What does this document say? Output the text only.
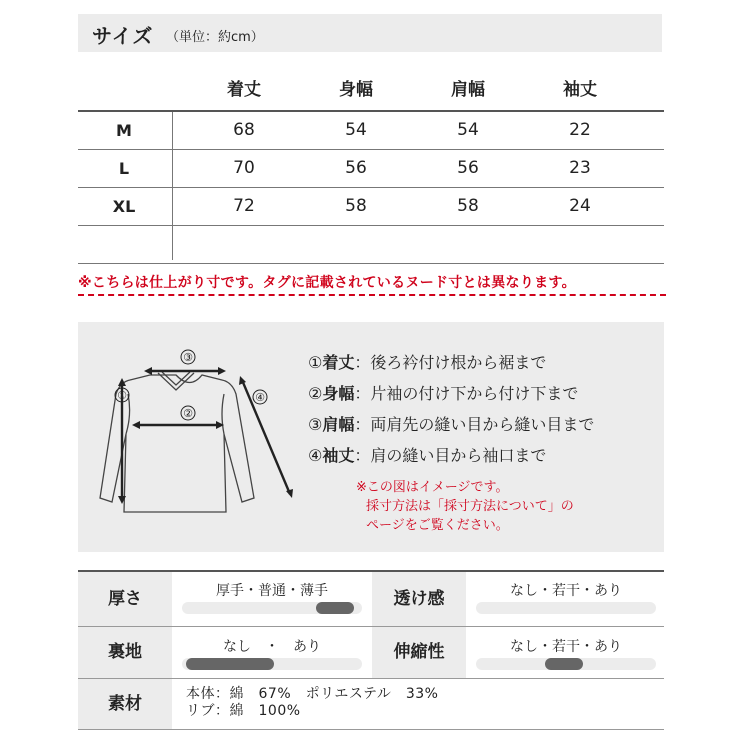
サイズ （単位：約cm）
着丈	身幅	肩幅	袖丈
M	68	54	54	22
L	70	56	56	23
XL	72	58	58	24
※こちらは仕上がり寸です。タグに記載されているヌード寸とは異なります。
③
②
①	④
①着丈：後ろ衿付け根から裾まで
②身幅：片袖の付け下から付け下まで
③肩幅：両肩先の縫い目から縫い目まで
④袖丈：肩の縫い目から袖口まで
※この図はイメージです。
採寸方法は「採寸方法について」の
ページをご覧ください。
厚さ	厚手・普通・薄手	透け感	なし・若干・あり
裏地	なし　・　あり	伸縮性	なし・若干・あり
素材	本体：綿　67%　ポリエステル　33%
リブ：綿　100%
